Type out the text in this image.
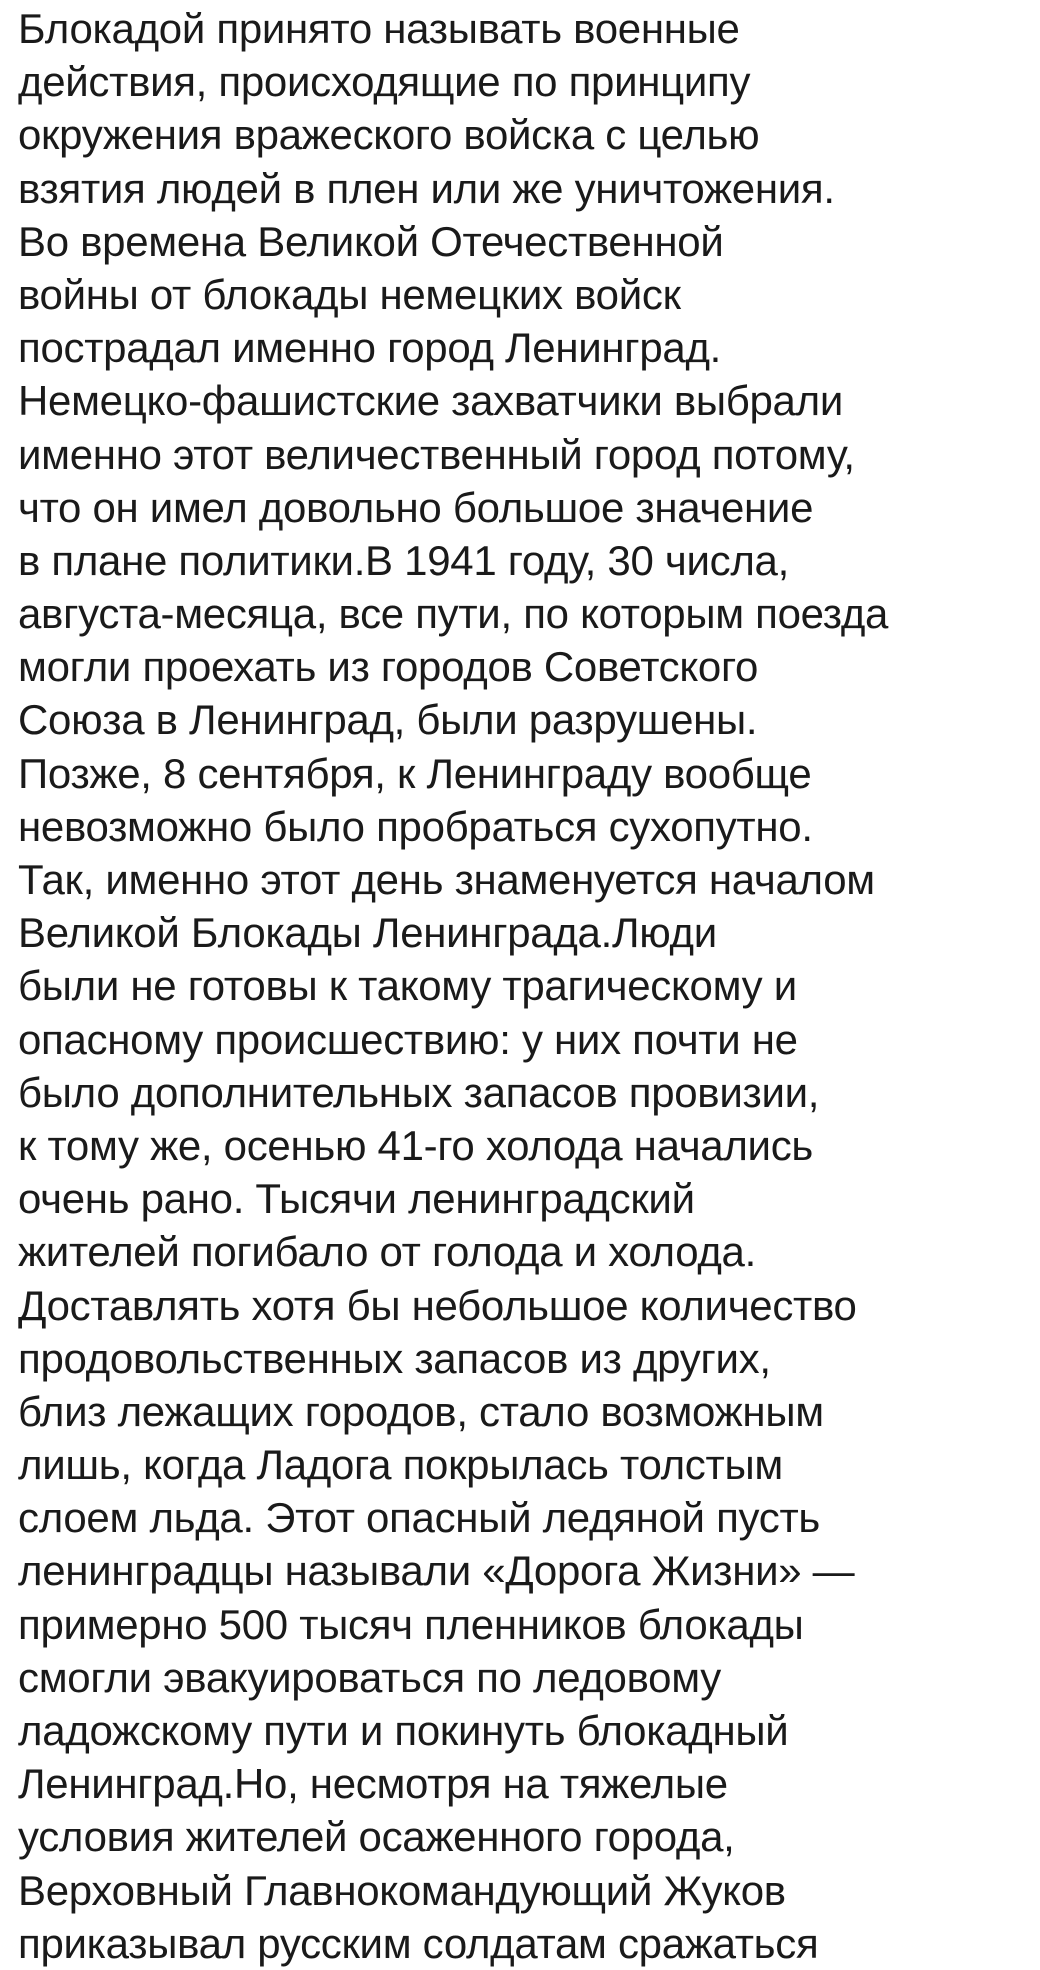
Блокадой принято называть военные
действия, происходящие по принципу
окружения вражеского войска с целью
взятия людей в плен или же уничтожения.
Во времена Великой Отечественной
войны от блокады немецких войск
пострадал именно город Ленинград.
Немецко-фашистские захватчики выбрали
именно этот величественный город потому,
что он имел довольно большое значение
в плане политики.В 1941 году, 30 числа,
августа-месяца, все пути, по которым поезда
могли проехать из городов Советского
Союза в Ленинград, были разрушены.
Позже, 8 сентября, к Ленинграду вообще
невозможно было пробраться сухопутно.
Так, именно этот день знаменуется началом
Великой Блокады Ленинграда.Люди
были не готовы к такому трагическому и
опасному происшествию: у них почти не
было дополнительных запасов провизии,
к тому же, осенью 41-го холода начались
очень рано. Тысячи ленинградский
жителей погибало от голода и холода.
Доставлять хотя бы небольшое количество
продовольственных запасов из других,
близ лежащих городов, стало возможным
лишь, когда Ладога покрылась толстым
слоем льда. Этот опасный ледяной пусть
ленинградцы называли «Дорога Жизни» —
примерно 500 тысяч пленников блокады
смогли эвакуироваться по ледовому
ладожскому пути и покинуть блокадный
Ленинград.Но, несмотря на тяжелые
условия жителей осаженного города,
Верховный Главнокомандующий Жуков
приказывал русским солдатам сражаться
